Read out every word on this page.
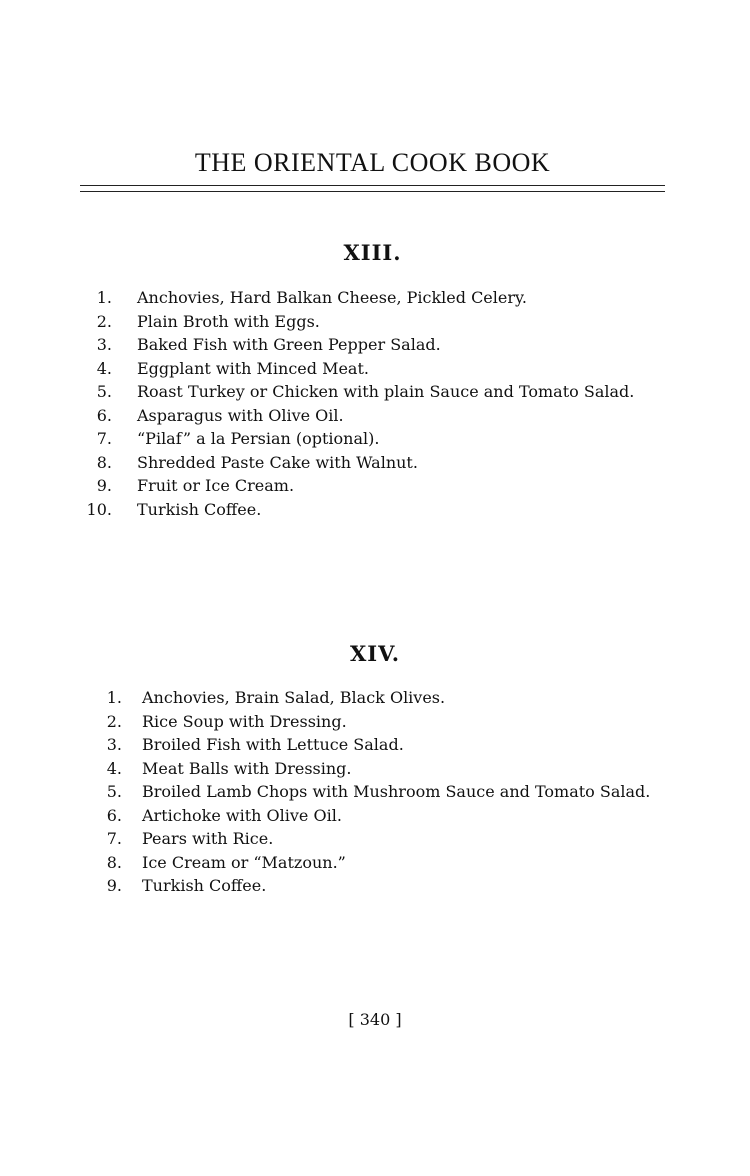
THE ORIENTAL COOK BOOK
XIII.
1.	Anchovies, Hard Balkan Cheese, Pickled Celery.
2.	Plain Broth with Eggs.
3.	Baked Fish with Green Pepper Salad.
4.	Eggplant with Minced Meat.
5.	Roast Turkey or Chicken with plain Sauce and Tomato Salad.
6.	Asparagus with Olive Oil.
7.	“Pilaf” a la Persian (optional).
8.	Shredded Paste Cake with Walnut.
9.	Fruit or Ice Cream.
10.	Turkish Coffee.
XIV.
1.	Anchovies, Brain Salad, Black Olives.
2.	Rice Soup with Dressing.
3.	Broiled Fish with Lettuce Salad.
4.	Meat Balls with Dressing.
5.	Broiled Lamb Chops with Mushroom Sauce and Tomato Salad.
6.	Artichoke with Olive Oil.
7.	Pears with Rice.
8.	Ice Cream or “Matzoun.”
9.	Turkish Coffee.
[ 340 ]
